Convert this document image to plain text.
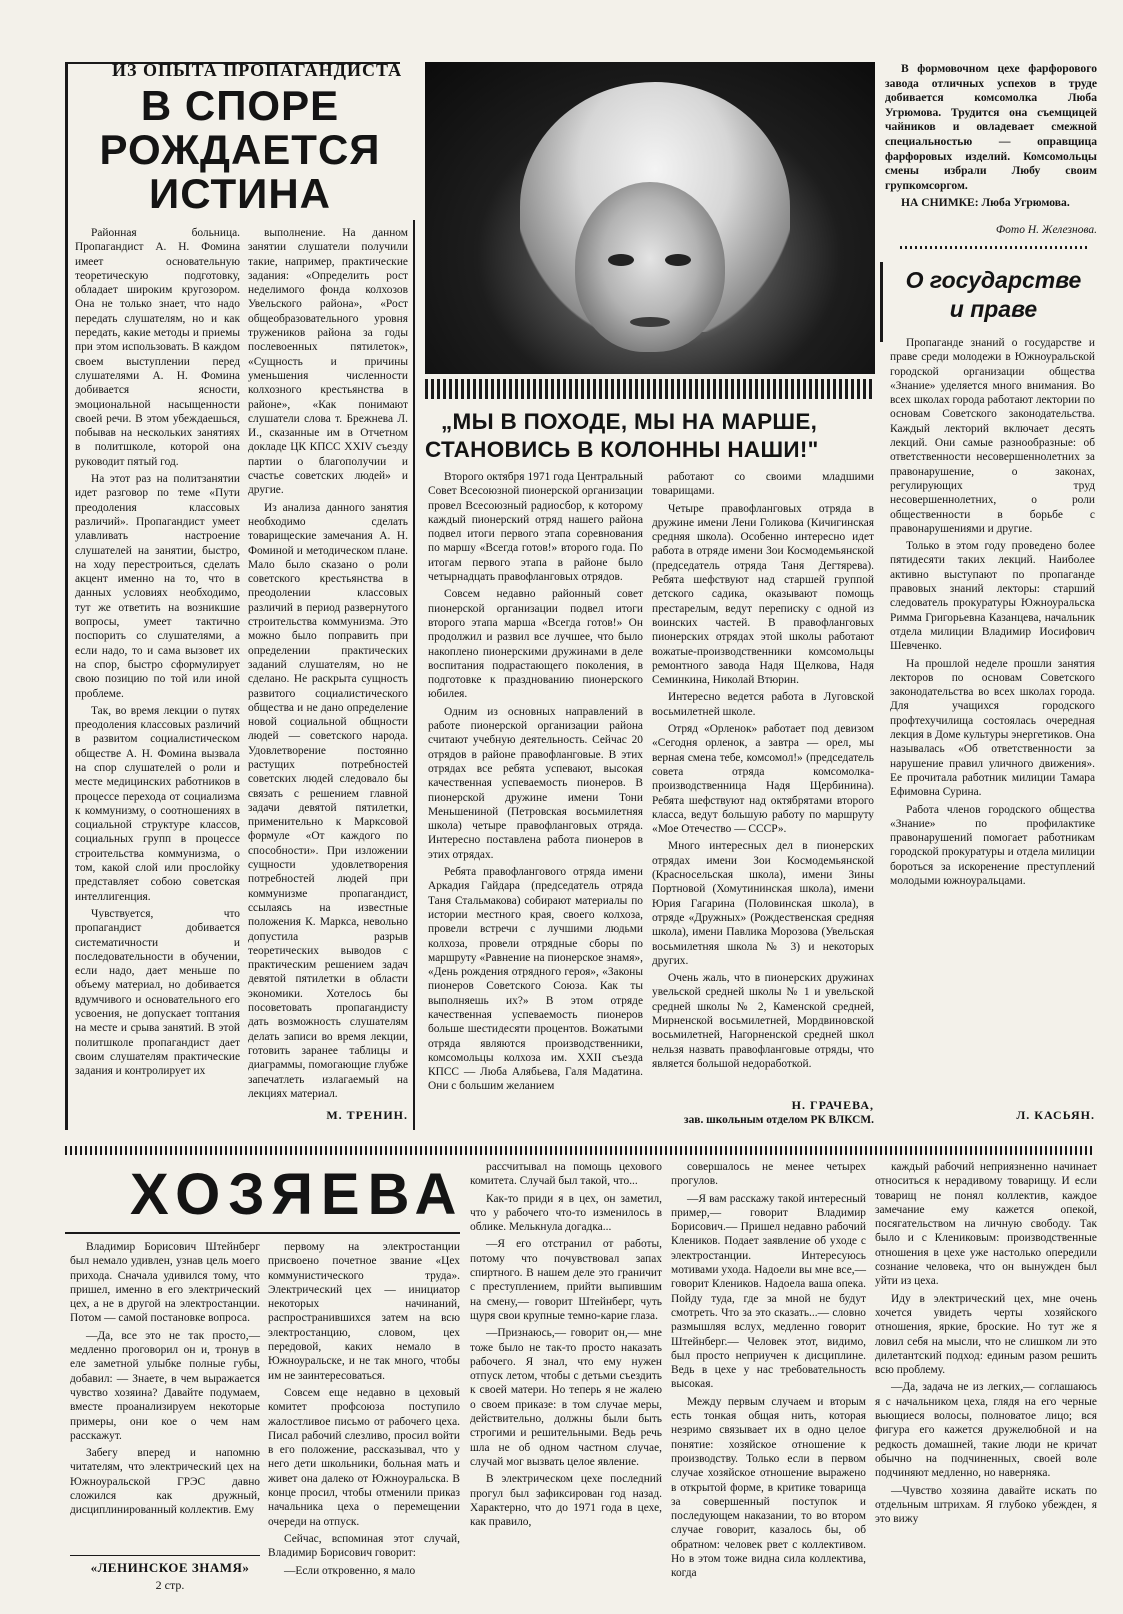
ИЗ ОПЫТА ПРОПАГАНДИСТА
В СПОРЕ
РОЖДАЕТСЯ
ИСТИНА

Районная больница. Пропагандист А. Н. Фомина имеет основательную теоретическую подготовку, обладает широким кругозором. Она не только знает, что надо передать слушателям, но и как передать, какие методы и приемы при этом использовать. В каждом своем выступлении перед слушателями А. Н. Фомина добивается ясности, эмоциональной насыщенности своей речи. В этом убеждаешься, побывав на нескольких занятиях в политшколе, которой она руководит пятый год.

На этот раз на политзанятии идет разговор по теме «Пути преодоления классовых различий». Пропагандист умеет улавливать настроение слушателей на занятии, быстро, на ходу перестроиться, сделать акцент именно на то, что в данных условиях необходимо, тут же ответить на возникшие вопросы, умеет тактично поспорить со слушателями, а если надо, то и сама вызовет их на спор, быстро сформулирует свою позицию по той или иной проблеме.

Так, во время лекции о путях преодоления классовых различий в развитом социалистическом обществе А. Н. Фомина вызвала на спор слушателей о роли и месте медицинских работников в процессе перехода от социализма к коммунизму, о соотношениях в социальной структуре классов, социальных групп в процессе строительства коммунизма, о том, какой слой или прослойку представляет собою советская интеллигенция.

Чувствуется, что пропагандист добивается систематичности и последовательности в обучении, если надо, дает меньше по объему материал, но добивается вдумчивого и основательного его усвоения, не допускает топтания на месте и срыва занятий. В этой политшколе пропагандист дает своим слушателям практические задания и контролирует их

выполнение. На данном занятии слушатели получили такие, например, практические задания: «Определить рост неделимого фонда колхозов Увельского района», «Рост общеобразовательного уровня тружеников района за годы послевоенных пятилеток», «Сущность и причины уменьшения численности колхозного крестьянства в районе», «Как понимают слушатели слова т. Брежнева Л. И., сказанные им в Отчетном докладе ЦК КПСС XXIV съезду партии о благополучии и счастье советских людей» и другие.

Из анализа данного занятия необходимо сделать товарищеские замечания А. Н. Фоминой и методическом плане. Мало было сказано о роли советского крестьянства в преодолении классовых различий в период развернутого строительства коммунизма. Это можно было поправить при определении практических заданий слушателям, но не сделано. Не раскрыта сущность развитого социалистического общества и не дано определение новой социальной общности людей — советского народа. Удовлетворение постоянно растущих потребностей советских людей следовало бы связать с решением главной задачи девятой пятилетки, применительно к Марксовой формуле «От каждого по способности». При изложении сущности удовлетворения потребностей людей при коммунизме пропагандист, ссылаясь на известные положения К. Маркса, невольно допустила разрыв теоретических выводов с практическим решением задач девятой пятилетки в области экономики. Хотелось бы посоветовать пропагандисту дать возможность слушателям делать записи во время лекции, готовить заранее таблицы и диаграммы, помогающие глубже запечатлеть излагаемый на лекциях материал.

М. ТРЕНИН.

В формовочном цехе фарфорового завода отличных успехов в труде добивается комсомолка Люба Угрюмова. Трудится она съемщицей чайников и овладевает смежной специальностью — оправщица фарфоровых изделий. Комсомольцы смены избрали Любу своим групкомсоргом.

НА СНИМКЕ: Люба Угрюмова.

Фото Н. Железнова.
О государстве
и праве

Пропаганде знаний о государстве и праве среди молодежи в Южноуральской городской организации общества «Знание» уделяется много внимания. Во всех школах города работают лектории по основам Советского законодательства. Каждый лекторий включает десять лекций. Они самые разнообразные: об ответственности несовершеннолетних за правонарушение, о законах, регулирующих труд несовершеннолетних, о роли общественности в борьбе с правонарушениями и другие.

Только в этом году проведено более пятидесяти таких лекций. Наиболее активно выступают по пропаганде правовых знаний лекторы: старший следователь прокуратуры Южноуральска Римма Григорьевна Казанцева, начальник отдела милиции Владимир Иосифович Шевченко.

На прошлой неделе прошли занятия лекторов по основам Советского законодательства во всех школах города. Для учащихся городского профтехучилища состоялась очередная лекция в Доме культуры энергетиков. Она называлась «Об ответственности за нарушение правил уличного движения». Ее прочитала работник милиции Тамара Ефимовна Сурина.

Работа членов городского общества «Знание» по профилактике правонарушений помогает работникам городской прокуратуры и отдела милиции бороться за искоренение преступлений молодыми южноуральцами.

Л. КАСЬЯН.
„МЫ В ПОХОДЕ, МЫ НА МАРШЕ,
СТАНОВИСЬ В КОЛОННЫ НАШИ!"

Второго октября 1971 года Центральный Совет Всесоюзной пионерской организации провел Всесоюзный радиосбор, к которому каждый пионерский отряд нашего района подвел итоги первого этапа соревнования по маршу «Всегда готов!» второго года. По итогам первого этапа в районе было четырнадцать правофланговых отрядов.

Совсем недавно районный совет пионерской организации подвел итоги второго этапа марша «Всегда готов!» Он продолжил и развил все лучшее, что было накоплено пионерскими дружинами в деле воспитания подрастающего поколения, в подготовке к празднованию пионерского юбилея.

Одним из основных направлений в работе пионерской организации района считают учебную деятельность. Сейчас 20 отрядов в районе правофланговые. В этих отрядах все ребята успевают, высокая качественная успеваемость пионеров. В пионерской дружине имени Тони Меньшениной (Петровская восьмилетняя школа) четыре правофланговых отряда. Интересно поставлена работа пионеров в этих отрядах.

Ребята правофлангового отряда имени Аркадия Гайдара (председатель отряда Таня Стальмакова) собирают материалы по истории местного края, своего колхоза, провели встречи с лучшими людьми колхоза, провели отрядные сборы по маршруту «Равнение на пионерское знамя», «День рождения отрядного героя», «Законы пионеров Советского Союза. Как ты выполняешь их?» В этом отряде качественная успеваемость пионеров больше шестидесяти процентов. Вожатыми отряда являются производственники, комсомольцы колхоза им. XXII съезда КПСС — Люба Алябьева, Галя Мадатина. Они с большим желанием

работают со своими младшими товарищами.

Четыре правофланговых отряда в дружине имени Лени Голикова (Кичигинская средняя школа). Особенно интересно идет работа в отряде имени Зои Космодемьянской (председатель отряда Таня Дегтярева). Ребята шефствуют над старшей группой детского садика, оказывают помощь престарелым, ведут переписку с одной из воинских частей. В правофланговых пионерских отрядах этой школы работают вожатые-производственники комсомольцы ремонтного завода Надя Щелкова, Надя Семинкина, Николай Втюрин.

Интересно ведется работа в Луговской восьмилетней школе.

Отряд «Орленок» работает под девизом «Сегодня орленок, а завтра — орел, мы верная смена тебе, комсомол!» (председатель совета отряда комсомолка-производственница Надя Щербинина). Ребята шефствуют над октябрятами второго класса, ведут большую работу по маршруту «Мое Отечество — СССР».

Много интересных дел в пионерских отрядах имени Зои Космодемьянской (Красносельская школа), имени Зины Портновой (Хомутининская школа), имени Юрия Гагарина (Половинская школа), в отряде «Дружных» (Рождественская средняя школа), имени Павлика Морозова (Увельская восьмилетняя школа № 3) и некоторых других.

Очень жаль, что в пионерских дружинах увельской средней школы № 1 и увельской средней школы № 2, Каменской средней, Мирненской восьмилетней, Мордвиновской восьмилетней, Нагорненской средней школ нельзя назвать правофланговые отряды, что является большой недоработкой.

Н. ГРАЧЕВА,
зав. школьным отделом РК ВЛКСМ.
ХОЗЯЕВА

Владимир Борисович Штейнберг был немало удивлен, узнав цель моего прихода. Сначала удивился тому, что пришел, именно в его электрический цех, а не в другой на электростанции. Потом — самой постановке вопроса.

—Да, все это не так просто,— медленно проговорил он и, тронув в еле заметной улыбке полные губы, добавил: — Знаете, в чем выражается чувство хозяина? Давайте подумаем, вместе проанализируем некоторые примеры, они кое о чем нам расскажут.

Забегу вперед и напомню читателям, что электрический цех на Южноуральской ГРЭС давно сложился как дружный, дисциплинированный коллектив. Ему

первому на электростанции присвоено почетное звание «Цех коммунистического труда». Электрический цех — инициатор некоторых начинаний, распространившихся затем на всю электростанцию, словом, цех передовой, каких немало в Южноуральске, и не так много, чтобы им не заинтересоваться.

Совсем еще недавно в цеховый комитет профсоюза поступило жалостливое письмо от рабочего цеха. Писал рабочий слезливо, просил войти в его положение, рассказывал, что у него дети школьники, больная мать и живет она далеко от Южноуральска. В конце просил, чтобы отменили приказ начальника цеха о перемещении очереди на отпуск.

Сейчас, вспоминая этот случай, Владимир Борисович говорит:

—Если откровенно, я мало

рассчитывал на помощь цехового комитета. Случай был такой, что...

Как-то приди я в цех, он заметил, что у рабочего что-то изменилось в облике. Мелькнула догадка...

—Я его отстранил от работы, потому что почувствовал запах спиртного. В нашем деле это граничит с преступлением, прийти выпившим на смену,— говорит Штейнберг, чуть щуря свои крупные темно-карие глаза.

—Признаюсь,— говорит он,— мне тоже было не так-то просто наказать рабочего. Я знал, что ему нужен отпуск летом, чтобы с детьми съездить к своей матери. Но теперь я не жалею о своем приказе: в том случае меры, действительно, должны были быть строгими и решительными. Ведь речь шла не об одном частном случае, случай мог вызвать целое явление.

В электрическом цехе последний прогул был зафиксирован год назад. Характерно, что до 1971 года в цехе, как правило,

совершалось не менее четырех прогулов.

—Я вам расскажу такой интересный пример,— говорит Владимир Борисович.— Пришел недавно рабочий Клеников. Подает заявление об уходе с электростанции. Интересуюсь мотивами ухода. Надоели вы мне все,— говорит Клеников. Надоела ваша опека. Пойду туда, где за мной не будут смотреть. Что за это сказать...— словно размышляя вслух, медленно говорит Штейнберг.— Человек этот, видимо, был просто неприучен к дисциплине. Ведь в цехе у нас требовательность высокая.

Между первым случаем и вторым есть тонкая общая нить, которая незримо связывает их в одно целое понятие: хозяйское отношение к производству. Только если в первом случае хозяйское отношение выражено в открытой форме, в критике товарища за совершенный поступок и последующем наказании, то во втором случае говорит, казалось бы, об обратном: человек рвет с коллективом. Но в этом тоже видна сила коллектива, когда

каждый рабочий неприязненно начинает относиться к нерадивому товарищу. И если товарищ не понял коллектив, каждое замечание ему кажется опекой, посягательством на личную свободу. Так было и с Клениковым: производственные отношения в цехе уже настолько опередили сознание человека, что он вынужден был уйти из цеха.

Иду в электрический цех, мне очень хочется увидеть черты хозяйского отношения, яркие, броские. Но тут же я ловил себя на мысли, что не слишком ли это дилетантский подход: единым разом решить всю проблему.

—Да, задача не из легких,— соглашаюсь я с начальником цеха, глядя на его черные вьющиеся волосы, полноватое лицо; вся фигура его кажется дружелюбной и на редкость домашней, такие люди не кричат обычно на подчиненных, своей воле подчиняют медленно, но наверняка.

—Чувство хозяина давайте искать по отдельным штрихам. Я глубоко убежден, я это вижу

«ЛЕНИНСКОЕ ЗНАМЯ»
2 стр.
